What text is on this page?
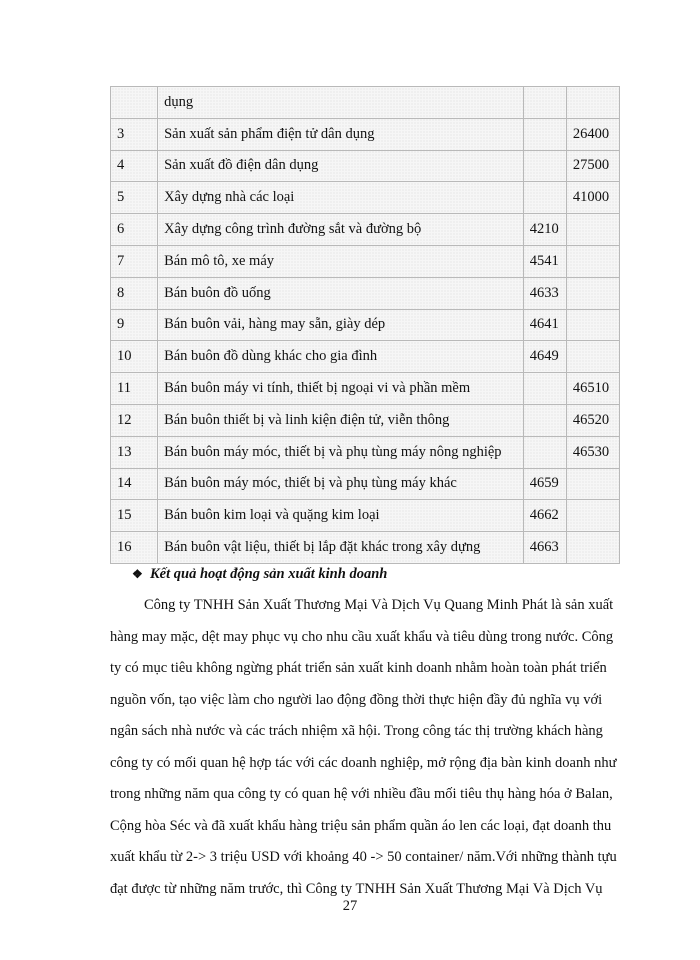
	dụng		
3	Sản xuất sản phẩm điện tử dân dụng		26400
4	Sản xuất đồ điện dân dụng		27500
5	Xây dựng nhà các loại		41000
6	Xây dựng công trình đường sắt và đường bộ	4210	
7	Bán mô tô, xe máy	4541	
8	Bán buôn đồ uống	4633	
9	Bán buôn vải, hàng may sẵn, giày dép	4641	
10	Bán buôn đồ dùng khác cho gia đình	4649	
11	Bán buôn máy vi tính, thiết bị ngoại vi và phần mềm		46510
12	Bán buôn thiết bị và linh kiện điện tử, viễn thông		46520
13	Bán buôn máy móc, thiết bị và phụ tùng máy nông nghiệp		46530
14	Bán buôn máy móc, thiết bị và phụ tùng máy khác	4659	
15	Bán buôn kim loại và quặng kim loại	4662	
16	Bán buôn vật liệu, thiết bị lắp đặt khác trong xây dựng	4663	
❖ Kết quả hoạt động sản xuất kinh doanh
Công ty TNHH Sản Xuất Thương Mại Và Dịch Vụ Quang Minh Phát là sản xuất
hàng may mặc, dệt may phục vụ cho nhu cầu xuất khẩu và tiêu dùng trong nước. Công
ty có mục tiêu không ngừng phát triển sản xuất kinh doanh nhằm hoàn toàn phát triển
nguồn vốn, tạo việc làm cho người lao động đồng thời thực hiện đầy đủ nghĩa vụ với
ngân sách nhà nước và các trách nhiệm xã hội. Trong công tác thị trường khách hàng
công ty có mối quan hệ hợp tác với các doanh nghiệp, mở rộng địa bàn kinh doanh như
trong những năm qua công ty có quan hệ với nhiều đầu mối tiêu thụ hàng hóa ở Balan,
Cộng hòa Séc và đã xuất khẩu hàng triệu sản phẩm quần áo len các loại, đạt doanh thu
xuất khẩu từ 2-> 3 triệu USD với khoảng 40 -> 50 container/ năm.Với những thành tựu
đạt được từ những năm trước, thì Công ty TNHH Sản Xuất Thương Mại Và Dịch Vụ
27
